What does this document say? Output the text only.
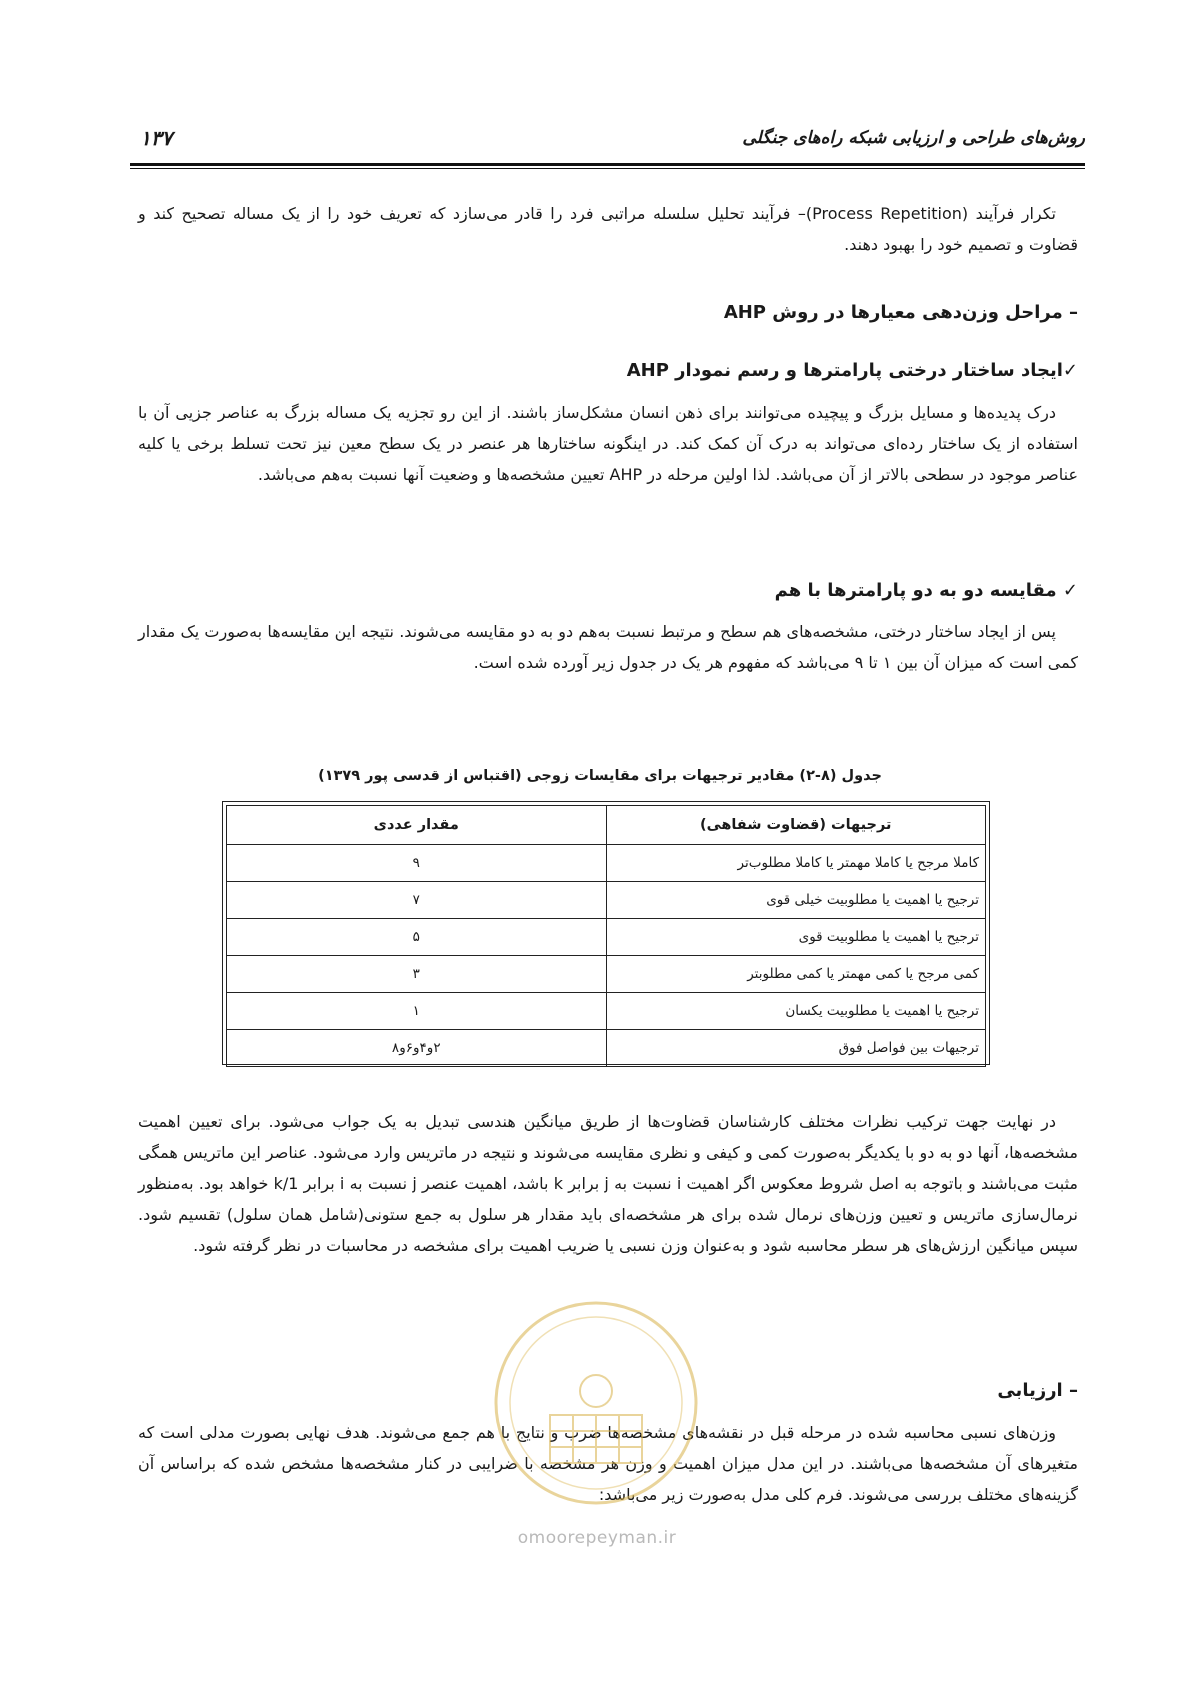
روش‌های طراحی و ارزیابی شبکه راه‌های جنگلی
۱۳۷

تکرار فرآیند (Process Repetition)– فرآیند تحلیل سلسله مراتبی فرد را قادر می‌سازد که تعریف خود را از یک مساله تصحیح کند و قضاوت و تصمیم خود را بهبود دهند.

– مراحل وزن‌دهی معیارها در روش AHP
✓ایجاد ساختار درختی پارامترها و رسم نمودار AHP

درک پدیده‌ها و مسایل بزرگ و پیچیده می‌توانند برای ذهن انسان مشکل‌ساز باشند. از این رو تجزیه یک مساله بزرگ به عناصر جزیی آن با استفاده از یک ساختار رده‌ای می‌تواند به درک آن کمک کند. در اینگونه ساختارها هر عنصر در یک سطح معین نیز تحت تسلط برخی یا کلیه عناصر موجود در سطحی بالاتر از آن می‌باشد. لذا اولین مرحله در AHP تعیین مشخصه‌ها و وضعیت آنها نسبت به‌هم می‌باشد.

✓ مقایسه دو به دو پارامترها با هم

پس از ایجاد ساختار درختی، مشخصه‌های هم سطح و مرتبط نسبت به‌هم دو به دو مقایسه می‌شوند. نتیجه این مقایسه‌ها به‌صورت یک مقدار کمی است که میزان آن بین ۱ تا ۹ می‌باشد که مفهوم هر یک در جدول زیر آورده شده است.

جدول (۸-۲) مقادیر ترجیهات برای مقایسات زوجی (اقتباس از قدسی پور ۱۳۷۹)
ترجیهات (قضاوت شفاهی)	مقدار عددی
کاملا مرجح یا کاملا مهمتر یا کاملا مطلوب‌تر	۹
ترجیح یا اهمیت یا مطلوبیت خیلی قوی	۷
ترجیح یا اهمیت یا مطلوبیت قوی	۵
کمی مرجح یا کمی مهمتر یا کمی مطلوبتر	۳
ترجیح یا اهمیت یا مطلوبیت یکسان	۱
ترجیهات بین فواصل فوق	۲و۴و۶و۸

در نهایت جهت ترکیب نظرات مختلف کارشناسان قضاوت‌ها از طریق میانگین هندسی تبدیل به یک جواب می‌شود. برای تعیین اهمیت مشخصه‌ها، آنها دو به دو با یکدیگر به‌صورت کمی و کیفی و نظری مقایسه می‌شوند و نتیجه در ماتریس وارد می‌شود. عناصر این ماتریس همگی مثبت می‌باشند و باتوجه به اصل شروط معکوس اگر اهمیت i نسبت به j برابر k باشد، اهمیت عنصر j نسبت به i برابر 1/k خواهد بود. به‌منظور نرمال‌سازی ماتریس و تعیین وزن‌های نرمال شده برای هر مشخصه‌ای باید مقدار هر سلول به جمع ستونی(شامل همان سلول) تقسیم شود. سپس میانگین ارزش‌های هر سطر محاسبه شود و به‌عنوان وزن نسبی یا ضریب اهمیت برای مشخصه در محاسبات در نظر گرفته شود.

– ارزیابی

وزن‌های نسبی محاسبه شده در مرحله قبل در نقشه‌های مشخصه‌ها ضرب و نتایج با هم جمع می‌شوند. هدف نهایی بصورت مدلی است که متغیرهای آن مشخصه‌ها می‌باشند. در این مدل میزان اهمیت و وزن هر مشخصه با ضرایبی در کنار مشخصه‌ها مشخص شده که براساس آن گزینه‌های مختلف بررسی می‌شوند. فرم کلی مدل به‌صورت زیر می‌باشد:

omoorepeyman.ir
